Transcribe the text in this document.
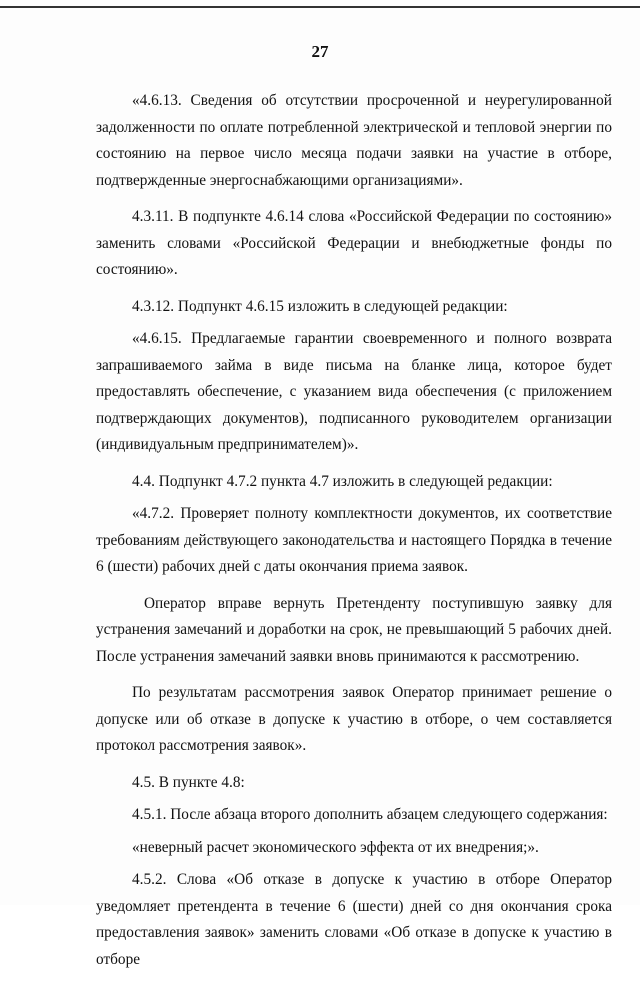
27

«4.6.13. Сведения об отсутствии просроченной и неурегулированной задолженности по оплате потребленной электрической и тепловой энергии по состоянию на первое число месяца подачи заявки на участие в отборе, подтвержденные энергоснабжающими организациями».

4.3.11. В подпункте 4.6.14 слова «Российской Федерации по состоянию» заменить словами «Российской Федерации и внебюджетные фонды по состоянию».

4.3.12. Подпункт 4.6.15 изложить в следующей редакции:

«4.6.15. Предлагаемые гарантии своевременного и полного возврата запрашиваемого займа в виде письма на бланке лица, которое будет предоставлять обеспечение, с указанием вида обеспечения (с приложением подтверждающих документов), подписанного руководителем организации (индивидуальным предпринимателем)».

4.4. Подпункт 4.7.2 пункта 4.7 изложить в следующей редакции:

«4.7.2. Проверяет полноту комплектности документов, их соответствие требованиям действующего законодательства и настоящего Порядка в течение 6 (шести) рабочих дней с даты окончания приема заявок.

Оператор вправе вернуть Претенденту поступившую заявку для устранения замечаний и доработки на срок, не превышающий 5 рабочих дней. После устранения замечаний заявки вновь принимаются к рассмотрению.

По результатам рассмотрения заявок Оператор принимает решение о допуске или об отказе в допуске к участию в отборе, о чем составляется протокол рассмотрения заявок».

4.5. В пункте 4.8:

4.5.1. После абзаца второго дополнить абзацем следующего содержания:

«неверный расчет экономического эффекта от их внедрения;».

4.5.2. Слова «Об отказе в допуске к участию в отборе Оператор уведомляет претендента в течение 6 (шести) дней со дня окончания срока предоставления заявок» заменить словами «Об отказе в допуске к участию в отборе
